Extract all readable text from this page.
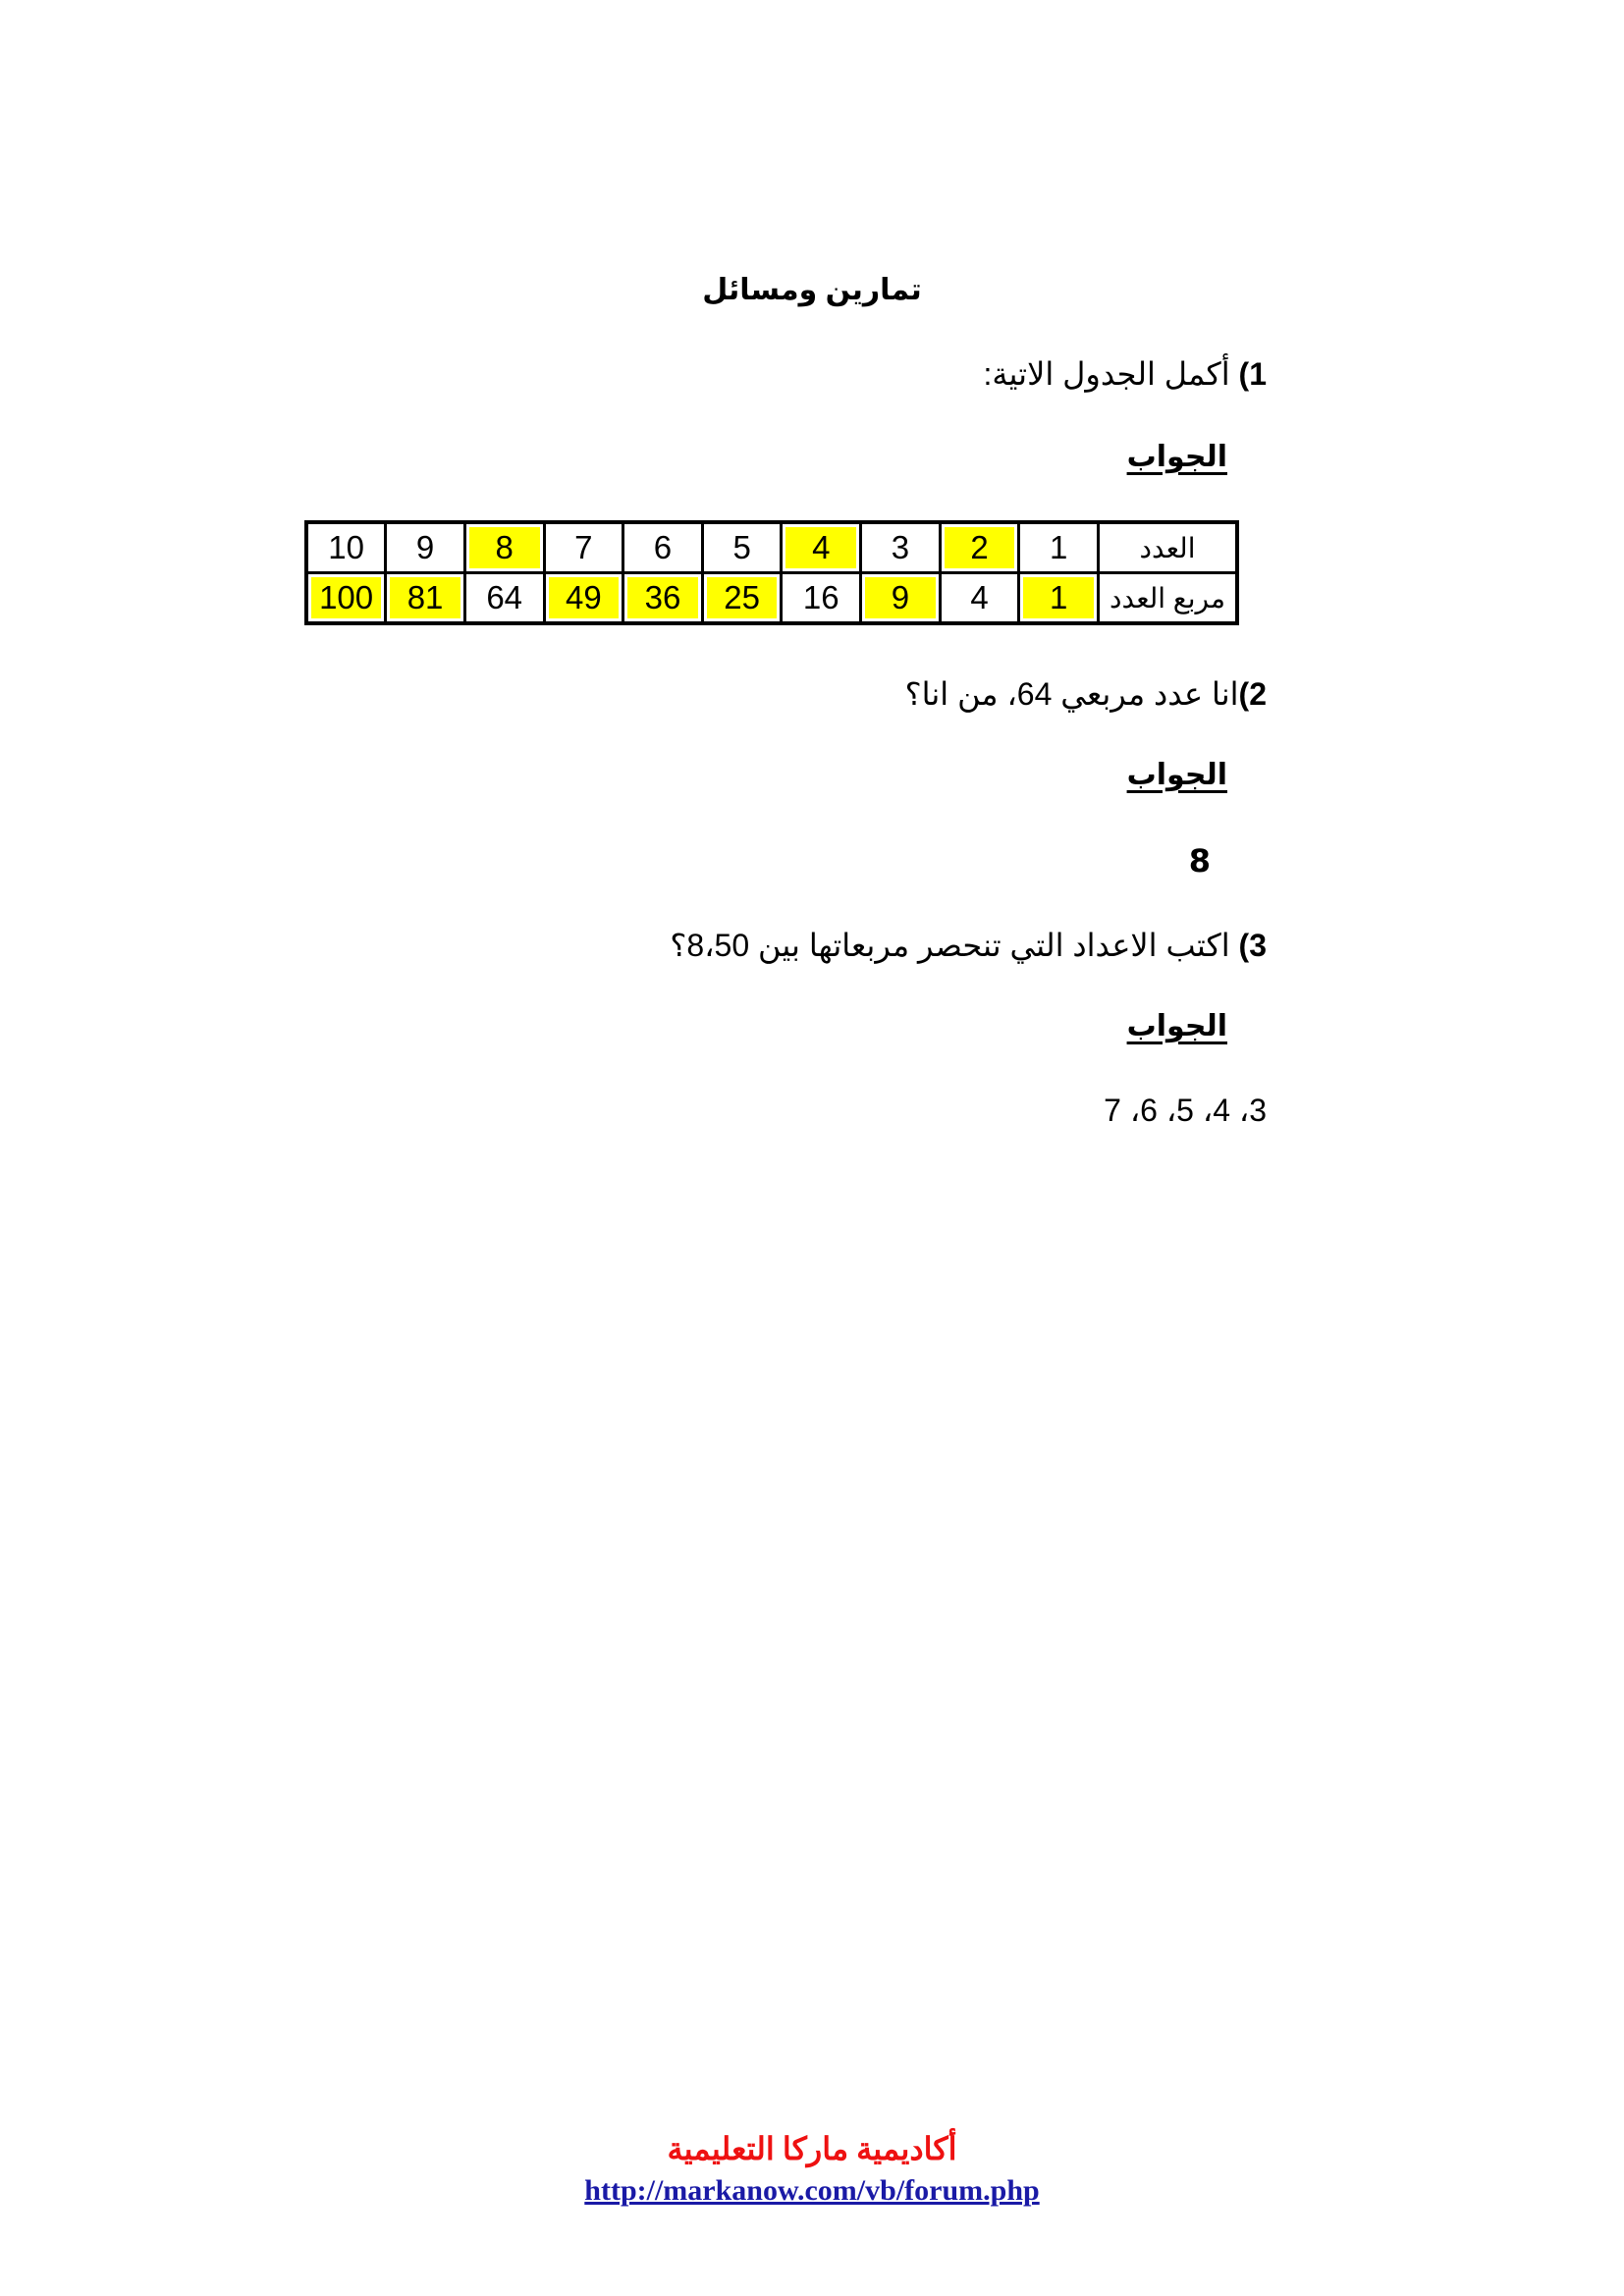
تمارين ومسائل
1) أكمل الجدول الاتية:
الجواب
العدد	1	2	3	4	5	6	7	8	9	10
مربع العدد	1	4	9	16	25	36	49	64	81	100
2)انا عدد مربعي 64، من انا؟
الجواب
8
3) اكتب الاعداد التي تنحصر مربعاتها بين 8،50؟
الجواب
3، 4، 5، 6، 7
أكاديمية ماركا التعليمية
http://markanow.com/vb/forum.php
